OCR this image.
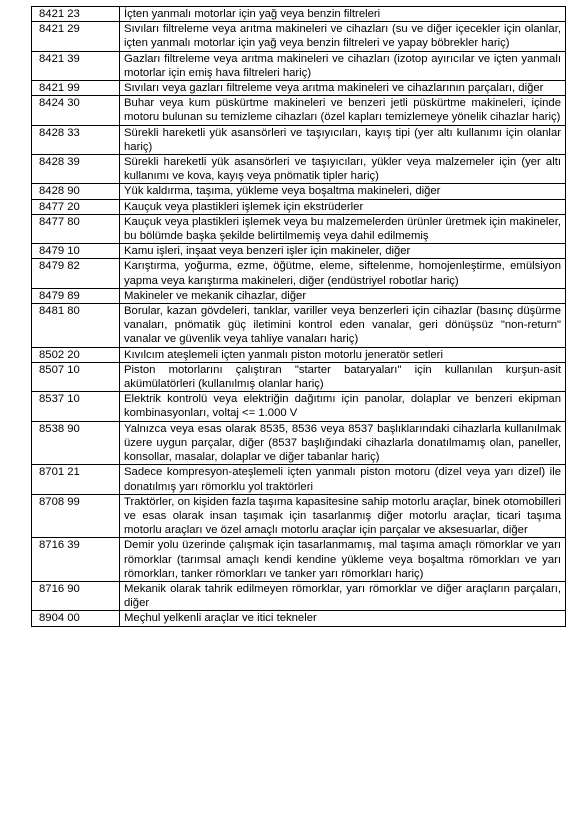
8421 23	İçten yanmalı motorlar için yağ veya benzin filtreleri
8421 29	Sıvıları filtreleme veya arıtma makineleri ve cihazları (su ve diğer içecekler için olanlar, içten yanmalı motorlar için yağ veya benzin filtreleri ve yapay böbrekler hariç)
8421 39	Gazları filtreleme veya arıtma makineleri ve cihazları (izotop ayırıcılar ve içten yanmalı motorlar için emiş hava filtreleri hariç)
8421 99	Sıvıları veya gazları filtreleme veya arıtma makineleri ve cihazlarının parçaları, diğer
8424 30	Buhar veya kum püskürtme makineleri ve benzeri jetli püskürtme makineleri, içinde motoru bulunan su temizleme cihazları (özel kapları temizlemeye yönelik cihazlar hariç)
8428 33	Sürekli hareketli yük asansörleri ve taşıyıcıları, kayış tipi (yer altı kullanımı için olanlar hariç)
8428 39	Sürekli hareketli yük asansörleri ve taşıyıcıları, yükler veya malzemeler için (yer altı kullanımı ve kova, kayış veya pnömatik tipler hariç)
8428 90	Yük kaldırma, taşıma, yükleme veya boşaltma makineleri, diğer
8477 20	Kauçuk veya plastikleri işlemek için ekstrüderler
8477 80	Kauçuk veya plastikleri işlemek veya bu malzemelerden ürünler üretmek için makineler, bu bölümde başka şekilde belirtilmemiş veya dahil edilmemiş
8479 10	Kamu işleri, inşaat veya benzeri işler için makineler, diğer
8479 82	Karıştırma, yoğurma, ezme, öğütme, eleme, siftelenme, homojenleştirme, emülsiyon yapma veya karıştırma makineleri, diğer (endüstriyel robotlar hariç)
8479 89	Makineler ve mekanik cihazlar, diğer
8481 80	Borular, kazan gövdeleri, tanklar, variller veya benzerleri için cihazlar (basınç düşürme vanaları, pnömatik güç iletimini kontrol eden vanalar, geri dönüşsüz "non-return" vanalar ve güvenlik veya tahliye vanaları hariç)
8502 20	Kıvılcım ateşlemeli içten yanmalı piston motorlu jeneratör setleri
8507 10	Piston motorlarını çalıştıran "starter bataryaları" için kullanılan kurşun-asit akümülatörleri (kullanılmış olanlar hariç)
8537 10	Elektrik kontrolü veya elektriğin dağıtımı için panolar, dolaplar ve benzeri ekipman kombinasyonları, voltaj <= 1.000 V
8538 90	Yalnızca veya esas olarak 8535, 8536 veya 8537 başlıklarındaki cihazlarla kullanılmak üzere uygun parçalar, diğer (8537 başlığındaki cihazlarla donatılmamış olan, paneller, konsollar, masalar, dolaplar ve diğer tabanlar hariç)
8701 21	Sadece kompresyon-ateşlemeli içten yanmalı piston motoru (dizel veya yarı dizel) ile donatılmış yarı römorklu yol traktörleri
8708 99	Traktörler, on kişiden fazla taşıma kapasitesine sahip motorlu araçlar, binek otomobilleri ve esas olarak insan taşımak için tasarlanmış diğer motorlu araçlar, ticari taşıma motorlu araçları ve özel amaçlı motorlu araçlar için parçalar ve aksesuarlar, diğer
8716 39	Demir yolu üzerinde çalışmak için tasarlanmamış, mal taşıma amaçlı römorklar ve yarı römorklar (tarımsal amaçlı kendi kendine yükleme veya boşaltma römorkları ve yarı römorkları, tanker römorkları ve tanker yarı römorkları hariç)
8716 90	Mekanik olarak tahrik edilmeyen römorklar, yarı römorklar ve diğer araçların parçaları, diğer
8904 00	Meçhul yelkenli araçlar ve itici tekneler
